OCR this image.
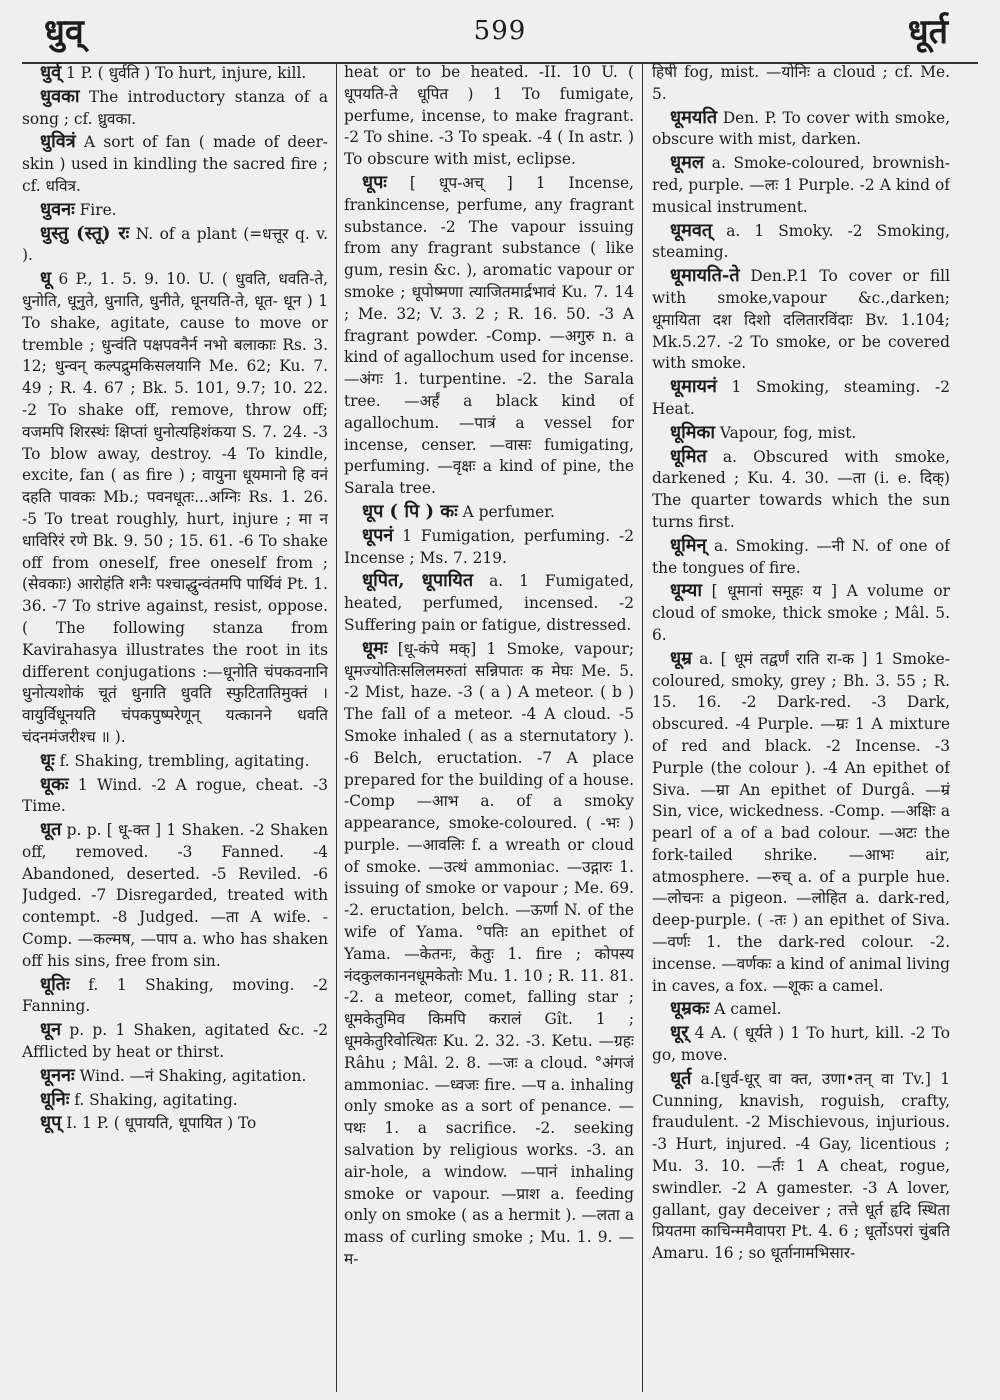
धुव्	599	धूर्त

धुर्व् 1 P. ( धुर्वति ) To hurt, injure, kill.

धुवका The introductory stanza of a song ; cf. ध्रुवका.

धुवित्रं A sort of fan ( made of deer-skin ) used in kindling the sacred fire ; cf. धवित्र.

धुवनः Fire.

धुस्तु (स्तू) रः N. of a plant (=धत्तूर q. v. ).

धू 6 P., 1. 5. 9. 10. U. ( धुवति, धवति-ते, धुनोति, धूनुते, धुनाति, धुनीते, धूनयति-ते, धूत- धून ) 1 To shake, agitate, cause to move or tremble ; धुन्वंति पक्षपवनैर्न नभो बलाकाः Rs. 3. 12; धुन्वन् कल्पद्रुमकिसलयानि Me. 62; Ku. 7. 49 ; R. 4. 67 ; Bk. 5. 101, 9.7; 10. 22. -2 To shake off, remove, throw off; वजमपि शिरस्थंः क्षिप्तां धुनोत्यहिशंकया S. 7. 24. -3 To blow away, destroy. -4 To kindle, excite, fan ( as fire ) ; वायुना धूयमानो हि वनं दहति पावकः Mb.; पवनधूतः...अग्निः Rs. 1. 26. -5 To treat roughly, hurt, injure ; मा न धाविरिरं रणे Bk. 9. 50 ; 15. 61. -6 To shake off from oneself, free oneself from ; (सेवकाः) आरोहंति शनैः पश्चाद्धुन्वंतमपि पार्थिवं Pt. 1. 36. -7 To strive against, resist, oppose. ( The following stanza from Kavirahasya illustrates the root in its different conjugations :—धूनोति चंपकवनानि धुनोत्यशोकं चूतं धुनाति धुवति स्फुटितातिमुक्तं । वायुर्विधूनयति चंपकपुष्परेणून् यत्कानने धवति चंदनमंजरीश्च ॥ ).

धूः f. Shaking, trembling, agitating.

धूकः 1 Wind. -2 A rogue, cheat. -3 Time.

धूत p. p. [ धू-क्त ] 1 Shaken. -2 Shaken off, removed. -3 Fanned. -4 Abandoned, deserted. -5 Reviled. -6 Judged. -7 Disregarded, treated with contempt. -8 Judged. —ता A wife. -Comp. —कल्मष, —पाप a. who has shaken off his sins, free from sin.

धूतिः f. 1 Shaking, moving. -2 Fanning.

धून p. p. 1 Shaken, agitated &c. -2 Afflicted by heat or thirst.

धूननः Wind. —नं Shaking, agitation.

धूनिः f. Shaking, agitating.

धूप् I. 1 P. ( धूपायति, धूपायित ) To

heat or to be heated. -II. 10 U. ( धूपयति-ते धूपित ) 1 To fumigate, perfume, incense, to make fragrant. -2 To shine. -3 To speak. -4 ( In astr. ) To obscure with mist, eclipse.

धूपः [ धूप-अच् ] 1 Incense, frankincense, perfume, any fragrant substance. -2 The vapour issuing from any fragrant substance ( like gum, resin &c. ), aromatic vapour or smoke ; धूपोष्मणा त्याजितमार्द्रभावं Ku. 7. 14 ; Me. 32; V. 3. 2 ; R. 16. 50. -3 A fragrant powder. -Comp. —अगुरु n. a kind of agallochum used for incense. —अंगः 1. turpentine. -2. the Sarala tree. —अर्हं a black kind of agallochum. —पात्रं a vessel for incense, censer. —वासः fumigating, perfuming. —वृक्षः a kind of pine, the Sarala tree.

धूप ( पि ) कः A perfumer.

धूपनं 1 Fumigation, perfuming. -2 Incense ; Ms. 7. 219.

धूपित, धूपायित a. 1 Fumigated, heated, perfumed, incensed. -2 Suffering pain or fatigue, distressed.

धूमः [धू-कंपे मक्] 1 Smoke, vapour; धूमज्योतिःसलिलमरुतां सन्निपातः क मेघः Me. 5. -2 Mist, haze. -3 ( a ) A meteor. ( b ) The fall of a meteor. -4 A cloud. -5 Smoke inhaled ( as a sternutatory ). -6 Belch, eructation. -7 A place prepared for the building of a house. -Comp —आभ a. of a smoky appearance, smoke-coloured. ( -भः ) purple. —आवलिः f. a wreath or cloud of smoke. —उत्थं ammoniac. —उद्गारः 1. issuing of smoke or vapour ; Me. 69. -2. eructation, belch. —ऊर्णा N. of the wife of Yama. °पतिः an epithet of Yama. —केतनः, केतुः 1. fire ; कोपस्य नंदकुलकाननधूमकेतोः Mu. 1. 10 ; R. 11. 81. -2. a meteor, comet, falling star ; धूमकेतुमिव किमपि करालं Gît. 1 ; धूमकेतुरिवोत्थितः Ku. 2. 32. -3. Ketu. —ग्रहः Râhu ; Mâl. 2. 8. —जः a cloud. °अंगजं ammoniac. —ध्वजः fire. —प a. inhaling only smoke as a sort of penance. —पथः 1. a sacrifice. -2. seeking salvation by religious works. -3. an air-hole, a window. —पानं inhaling smoke or vapour. —प्राश a. feeding only on smoke ( as a hermit ). —लता a mass of curling smoke ; Mu. 1. 9. —म-

हिषी fog, mist. —योनिः a cloud ; cf. Me. 5.

धूमयति Den. P. To cover with smoke, obscure with mist, darken.

धूमल a. Smoke-coloured, brownish-red, purple. —लः 1 Purple. -2 A kind of musical instrument.

धूमवत् a. 1 Smoky. -2 Smoking, steaming.

धूमायति-ते Den.P.1 To cover or fill with smoke,vapour &c.,darken; धूमायिता दश दिशो दलितारविंदाः Bv. 1.104; Mk.5.27. -2 To smoke, or be covered with smoke.

धूमायनं 1 Smoking, steaming. -2 Heat.

धूमिका Vapour, fog, mist.

धूमित a. Obscured with smoke, darkened ; Ku. 4. 30. —ता (i. e. दिक्) The quarter towards which the sun turns first.

धूमिन् a. Smoking. —नी N. of one of the tongues of fire.

धूम्या [ धूमानां समूहः य ] A volume or cloud of smoke, thick smoke ; Mâl. 5. 6.

धूम्र a. [ धूमं तद्वर्णं राति रा-क ] 1 Smoke-coloured, smoky, grey ; Bh. 3. 55 ; R. 15. 16. -2 Dark-red. -3 Dark, obscured. -4 Purple. —म्रः 1 A mixture of red and black. -2 Incense. -3 Purple (the colour ). -4 An epithet of Siva. —म्रा An epithet of Durgâ. —म्रं Sin, vice, wickedness. -Comp. —अक्षिः a pearl of a of a bad colour. —अटः the fork-tailed shrike. —आभः air, atmosphere. —रुच् a. of a purple hue. —लोचनः a pigeon. —लोहित a. dark-red, deep-purple. ( -तः ) an epithet of Siva. —वर्णः 1. the dark-red colour. -2. incense. —वर्णकः a kind of animal living in caves, a fox. —शूकः a camel.

धूम्रकः A camel.

धूर् 4 A. ( धूर्यते ) 1 To hurt, kill. -2 To go, move.

धूर्त a.[धुर्व-धूर् वा क्त, उणा•तन् वा Tv.] 1 Cunning, knavish, roguish, crafty, fraudulent. -2 Mischievous, injurious. -3 Hurt, injured. -4 Gay, licentious ; Mu. 3. 10. —र्तः 1 A cheat, rogue, swindler. -2 A gamester. -3 A lover, gallant, gay deceiver ; तत्ते धूर्त हृदि स्थिता प्रियतमा काचिन्ममैवापरा Pt. 4. 6 ; धूर्तोऽपरां चुंबति Amaru. 16 ; so धूर्तानामभिसार-
